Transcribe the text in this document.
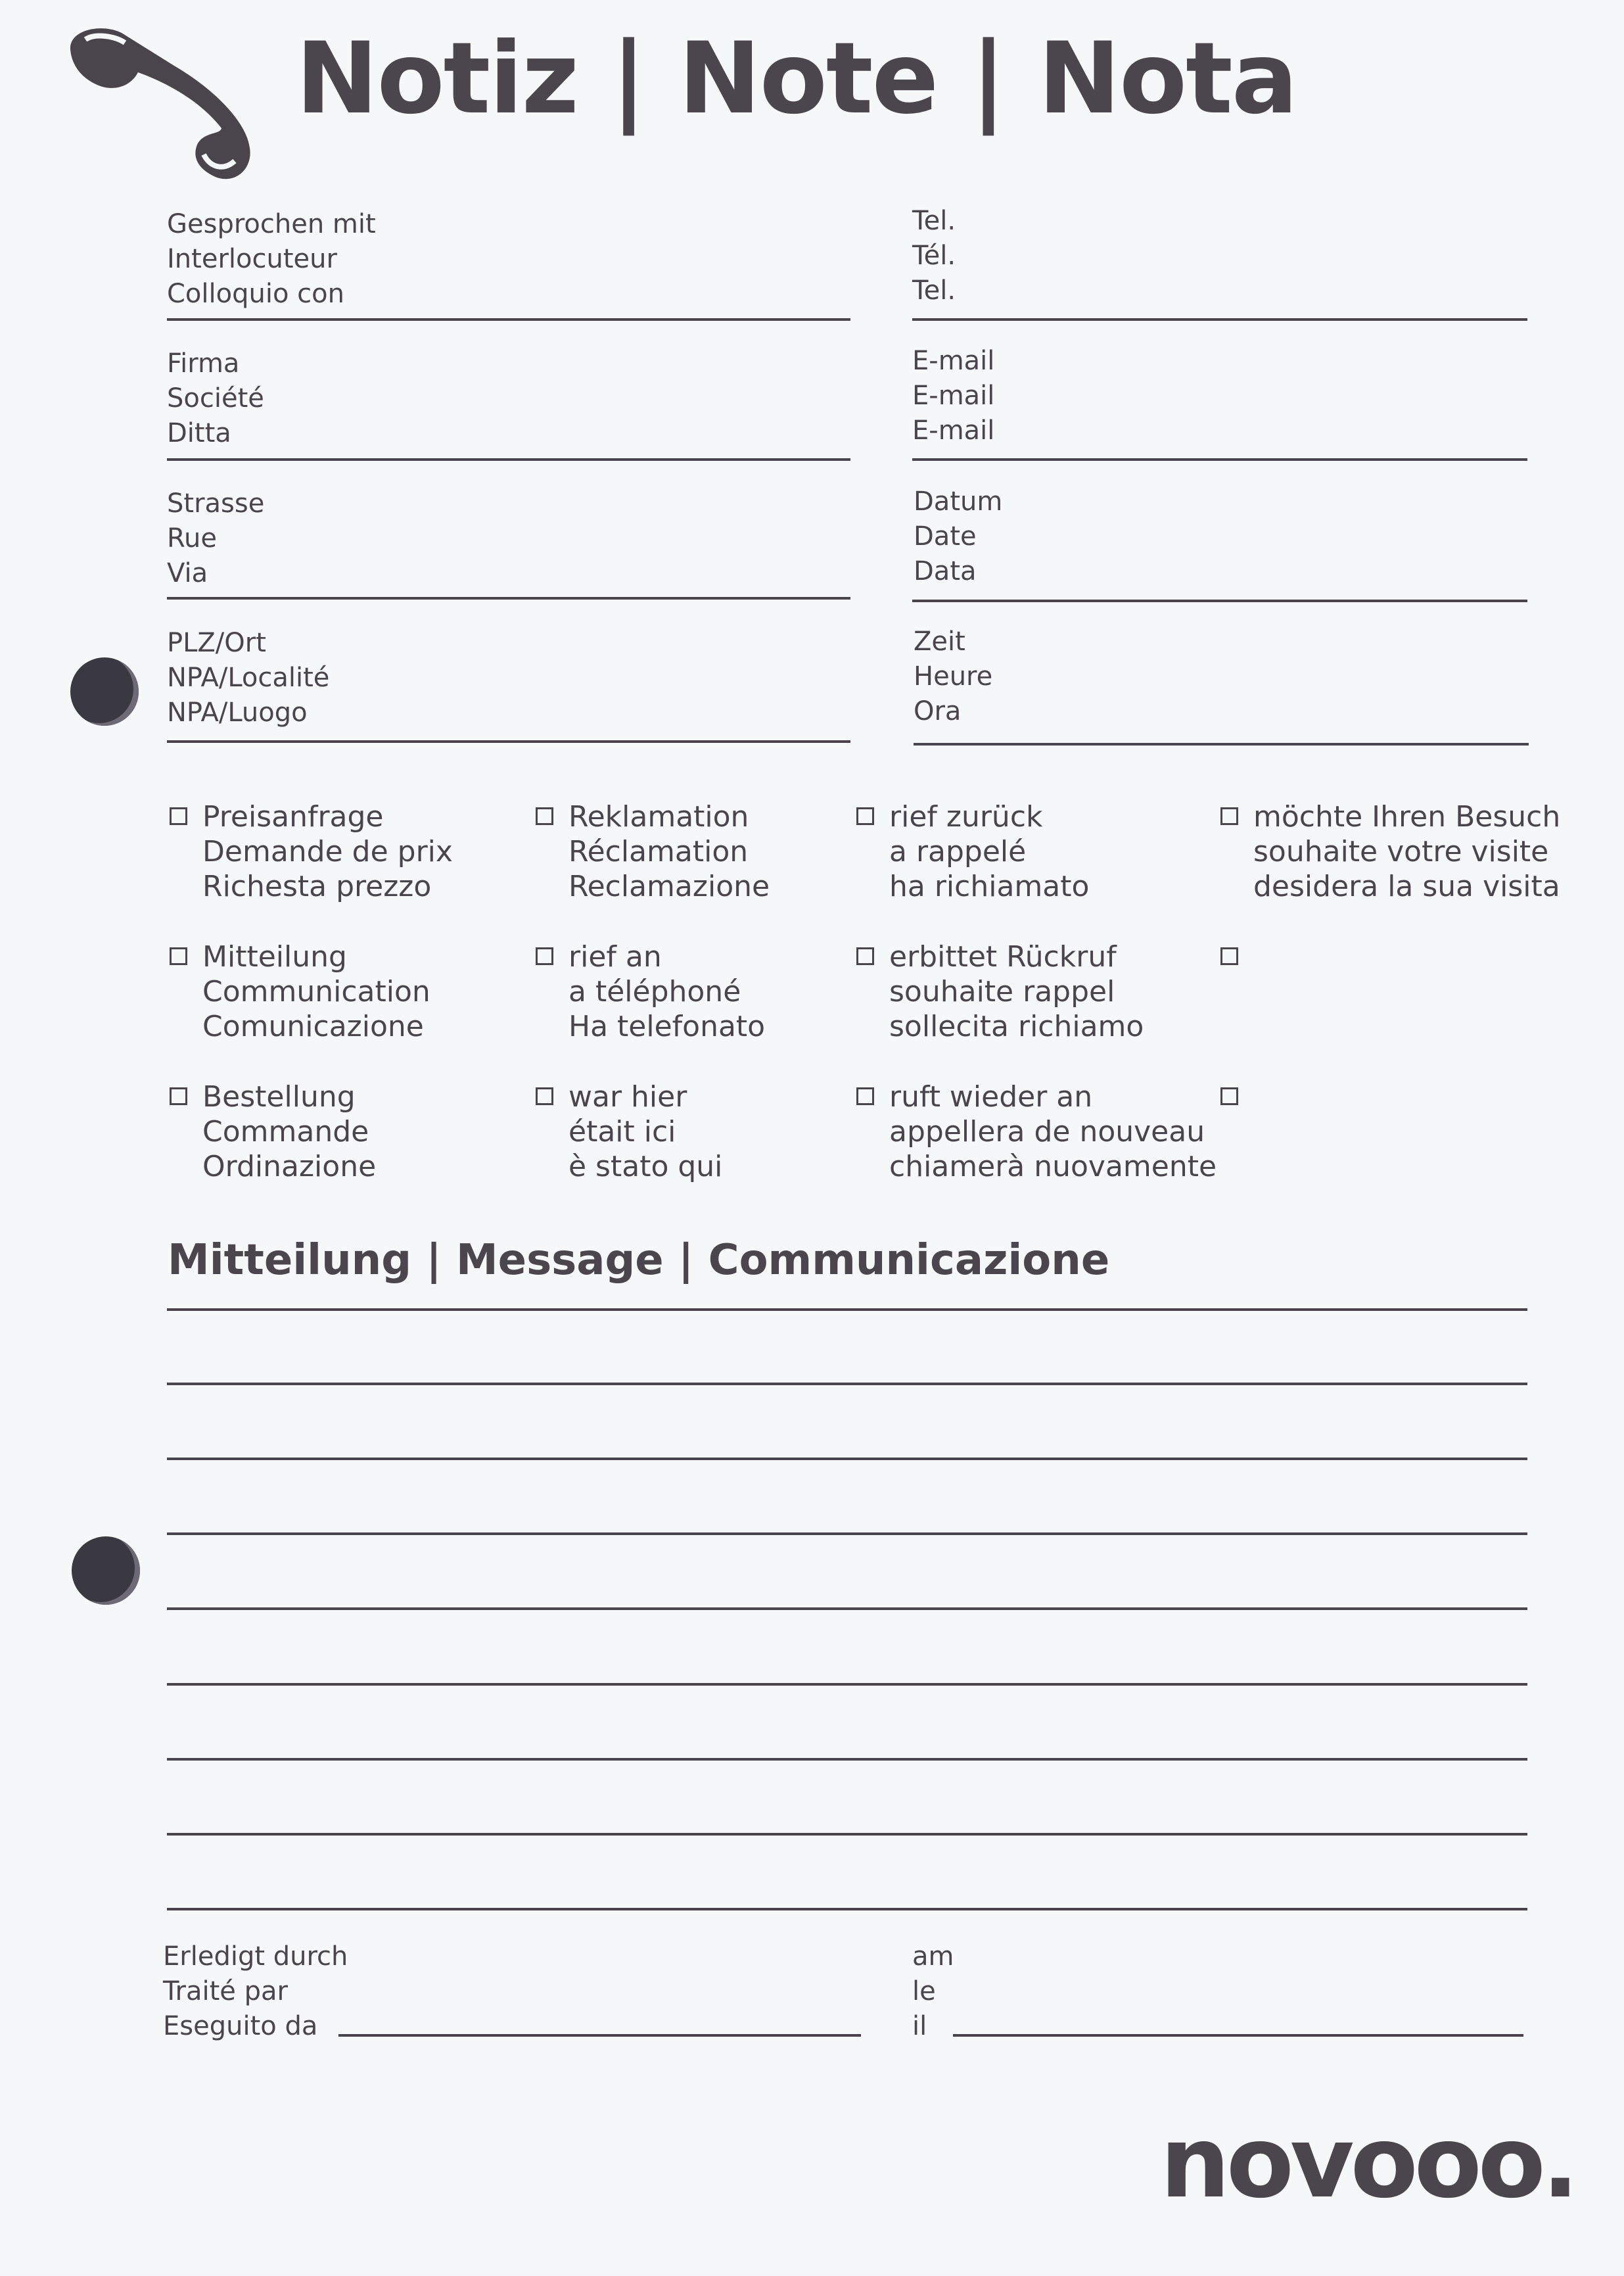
Notiz | Note | Nota
Gesprochen mit
Interlocuteur
Colloquio con
Firma
Société
Ditta
Strasse
Rue
Via
PLZ/Ort
NPA/Localité
NPA/Luogo
Tel.
Tél.
Tel.
E-mail
E-mail
E-mail
Datum
Date
Data
Zeit
Heure
Ora
Preisanfrage
Demande de prix
Richesta prezzo
Reklamation
Réclamation
Reclamazione
rief zurück
a rappelé
ha richiamato
möchte Ihren Besuch
souhaite votre visite
desidera la sua visita
Mitteilung
Communication
Comunicazione
rief an
a téléphoné
Ha telefonato
erbittet Rückruf
souhaite rappel
sollecita richiamo
Bestellung
Commande
Ordinazione
war hier
était ici
è stato qui
ruft wieder an
appellera de nouveau
chiamerà nuovamente
Mitteilung | Message | Communicazione
Erledigt durch
Traité par
Eseguito da
am
le
il
novooo.
